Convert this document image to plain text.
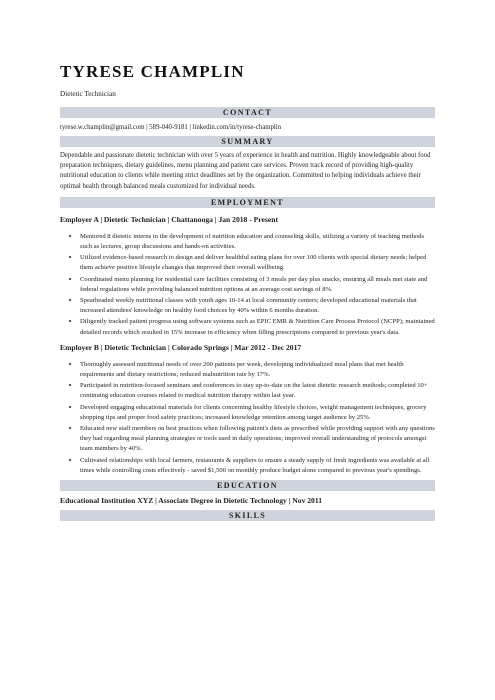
TYRESE CHAMPLIN
Dietetic Technician
CONTACT
tyrese.w.champlin@gmail.com | 589-040-9181 | linkedin.com/in/tyrese-champlin
SUMMARY
Dependable and passionate dietetic technician with over 5 years of experience in health and nutrition. Highly knowledgeable about food preparation techniques, dietary guidelines, menu planning and patient care services. Proven track record of providing high-quality nutritional education to clients while meeting strict deadlines set by the organization. Committed to helping individuals achieve their optimal health through balanced meals customized for individual needs.
EMPLOYMENT
Employer A | Dietetic Technician | Chattanooga | Jan 2018 - Present
• Mentored 8 dietetic interns in the development of nutrition education and counseling skills, utilizing a variety of teaching methods such as lectures, group discussions and hands-on activities.
• Utilized evidence-based research to design and deliver healthful eating plans for over 100 clients with special dietary needs; helped them achieve positive lifestyle changes that improved their overall wellbeing.
• Coordinated menu planning for residential care facilities consisting of 3 meals per day plus snacks, ensuring all meals met state and federal regulations while providing balanced nutrition options at an average cost savings of 8%.
• Spearheaded weekly nutritional classes with youth ages 10-14 at local community centers; developed educational materials that increased attendees' knowledge on healthy food choices by 40% within 6 months duration.
• Diligently tracked patient progress using software systems such as EPIC EMR & Nutrition Care Process Protocol (NCPP); maintained detailed records which resulted in 15% increase in efficiency when filling prescriptions compared to previous year's data.
Employer B | Dietetic Technician | Colorado Springs | Mar 2012 - Dec 2017
• Thoroughly assessed nutritional needs of over 200 patients per week, developing individualized meal plans that met health requirements and dietary restrictions; reduced malnutrition rate by 17%.
• Participated in nutrition-focused seminars and conferences to stay up-to-date on the latest dietetic research methods; completed 10+ continuing education courses related to medical nutrition therapy within last year.
• Developed engaging educational materials for clients concerning healthy lifestyle choices, weight management techniques, grocery shopping tips and proper food safety practices; increased knowledge retention among target audience by 25%.
• Educated new staff members on best practices when following patient's diets as prescribed while providing support with any questions they had regarding meal planning strategies or tools used in daily operations; improved overall understanding of protocols amongst team members by 40%.
• Cultivated relationships with local farmers, restaurants & suppliers to ensure a steady supply of fresh ingredients was available at all times while controlling costs effectively - saved $1,500 on monthly produce budget alone compared to previous year's spendings.
EDUCATION
Educational Institution XYZ | Associate Degree in Dietetic Technology | Nov 2011
SKILLS
